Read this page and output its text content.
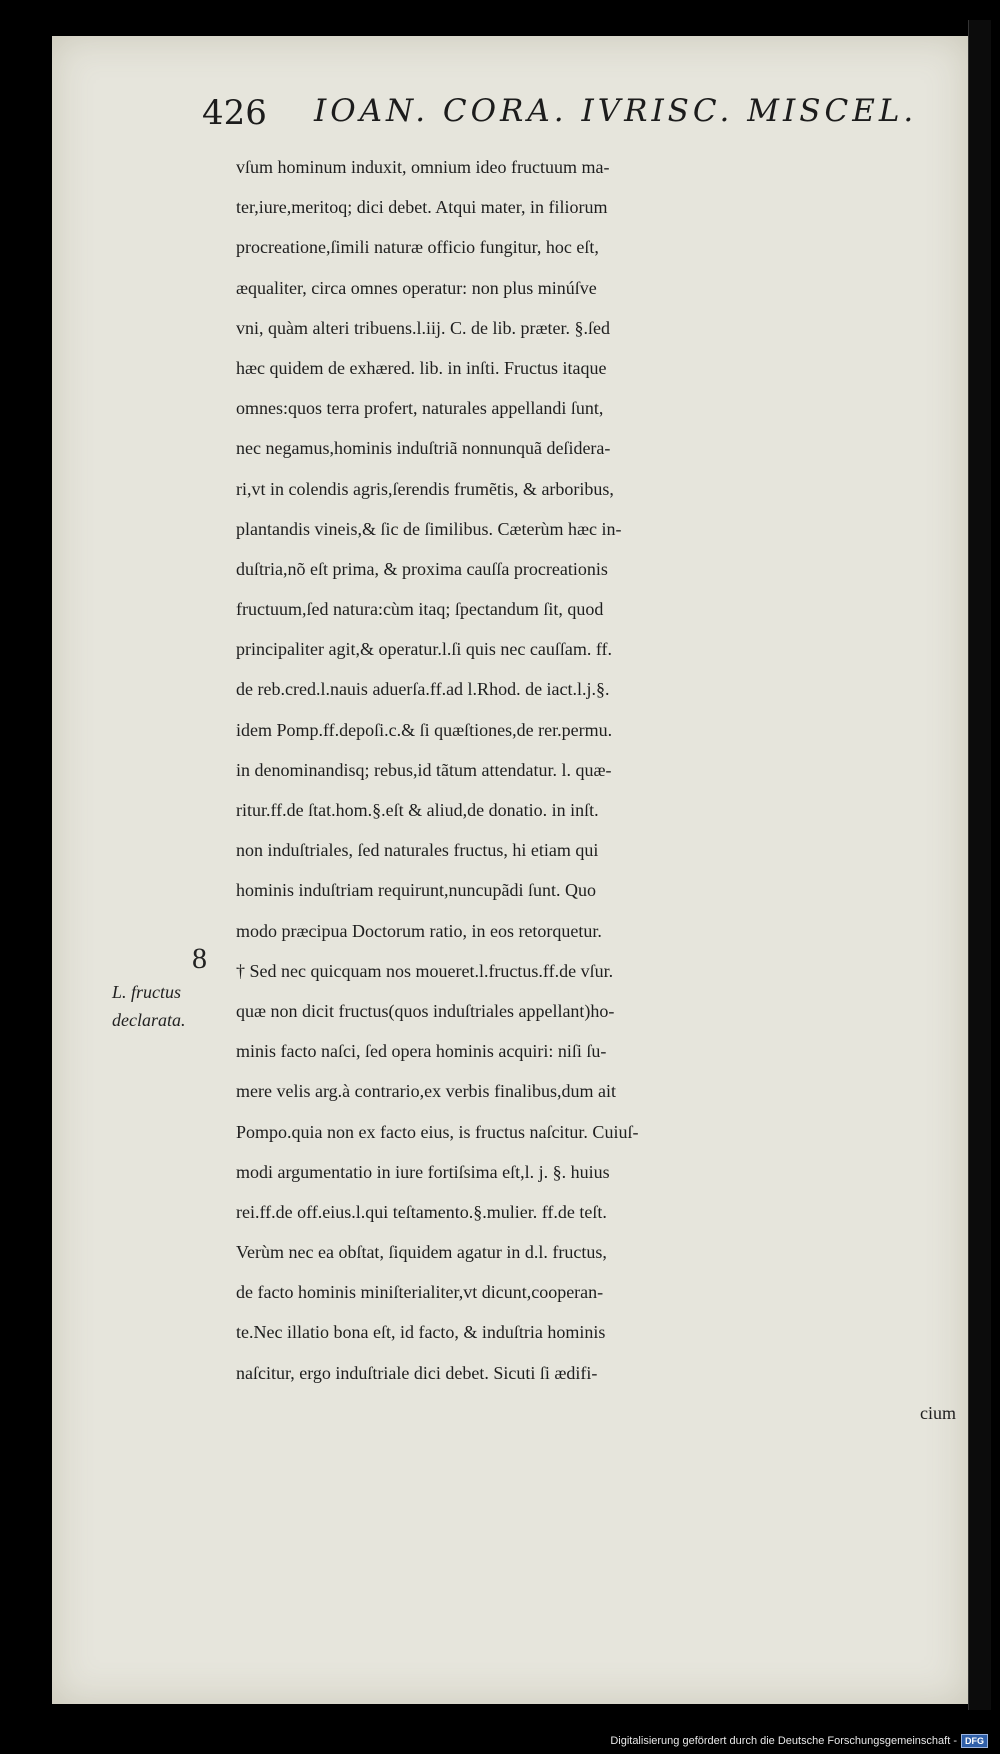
426 IOAN. CORA. IVRISC. MISCEL.
vſum hominum induxit, omnium ideo fructuum ma-
ter,iure,meritoq; dici debet. Atqui mater, in filiorum
procreatione,ſimili naturæ officio fungitur, hoc eſt,
æqualiter, circa omnes operatur: non plus minúſve
vni, quàm alteri tribuens.l.iij. C. de lib. præter. §.ſed
hæc quidem de exhæred. lib. in inſti. Fructus itaque
omnes:quos terra profert, naturales appellandi ſunt,
nec negamus,hominis induſtriã nonnunquã deſidera-
ri,vt in colendis agris,ſerendis frumẽtis, & arboribus,
plantandis vineis,& ſic de ſimilibus. Cæterùm hæc in-
duſtria,nõ eſt prima, & proxima cauſſa procreationis
fructuum,ſed natura:cùm itaq; ſpectandum ſit, quod
principaliter agit,& operatur.l.ſi quis nec cauſſam. ff.
de reb.cred.l.nauis aduerſa.ff.ad l.Rhod. de iact.l.j.§.
idem Pomp.ff.depoſi.c.& ſi quæſtiones,de rer.permu.
in denominandisq; rebus,id tãtum attendatur. l. quæ-
ritur.ff.de ſtat.hom.§.eſt & aliud,de donatio. in inſt.
non induſtriales, ſed naturales fructus, hi etiam qui
hominis induſtriam requirunt,nuncupãdi ſunt. Quo
modo præcipua Doctorum ratio, in eos retorquetur.
† Sed nec quicquam nos moueret.l.fructus.ff.de vſur.
quæ non dicit fructus(quos induſtriales appellant)ho-
minis facto naſci, ſed opera hominis acquiri: niſi ſu-
mere velis arg.à contrario,ex verbis finalibus,dum ait
Pompo.quia non ex facto eius, is fructus naſcitur. Cuiuſ-
modi argumentatio in iure fortiſsima eſt,l. j. §. huius
rei.ff.de off.eius.l.qui teſtamento.§.mulier. ff.de teſt.
Verùm nec ea obſtat, ſiquidem agatur in d.l. fructus,
de facto hominis miniſterialiter,vt dicunt,cooperan-
te.Nec illatio bona eſt, id facto, & induſtria hominis
naſcitur, ergo induſtriale dici debet. Sicuti ſi ædifi-
cium
8
L. fructus
declarata.
Digitalisierung gefördert durch die Deutsche Forschungsgemeinschaft - DFG
